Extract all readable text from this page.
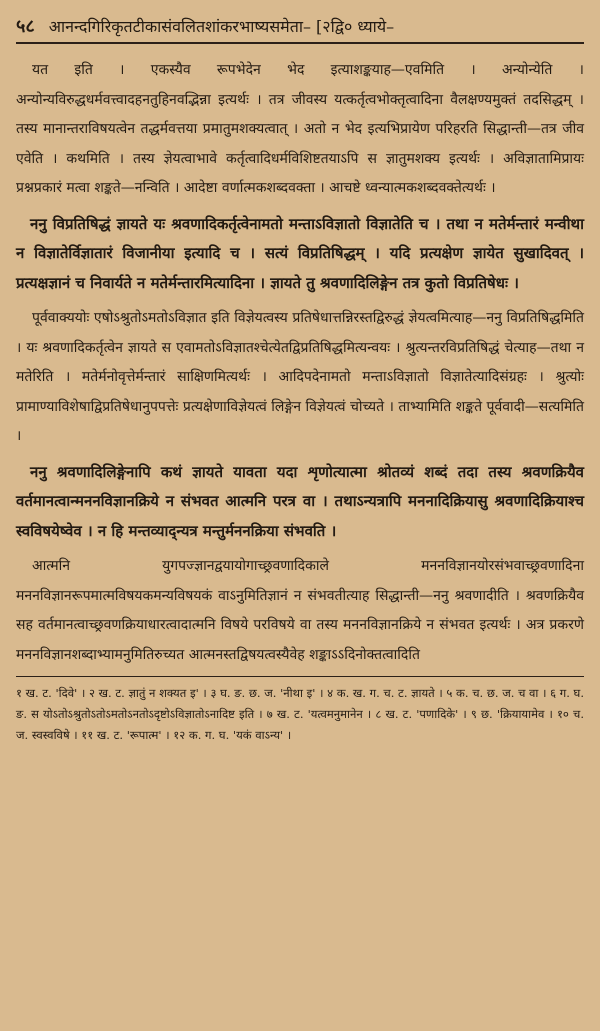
५८ आनन्दगिरिकृतटीकासंवलितशांकरभाष्यसमेता– [२द्वि० ध्याये–

यत इति । एकस्यैव रूपभेदेन भेद इत्याशङ्कयाह—एवमिति । अन्योन्येति । अन्योन्यविरुद्धधर्मवत्त्वादहनतुहिनवद्भिन्ना इत्यर्थः । तत्र जीवस्य यत्कर्तृत्वभोक्तृत्वादिना वैलक्षण्यमुक्तं तदसिद्धम् । तस्य मानान्तराविषयत्वेन तद्धर्मवत्तया प्रमातुमशक्यत्वात् । अतो न भेद इत्यभिप्रायेण परिहरति सिद्धान्ती—तत्र जीव एवेति । कथमिति । तस्य ज्ञेयत्वाभावे कर्तृत्वादिधर्मविशिष्टतयाऽपि स ज्ञातुमशक्य इत्यर्थः । अविज्ञातामिप्रायः प्रश्नप्रकारं मत्वा शङ्कते—नन्विति । आदेष्टा वर्णात्मकशब्दवक्ता । आचष्टे ध्वन्यात्मकशब्दवक्तेत्यर्थः ।

ननु विप्रतिषिद्धं ज्ञायते यः श्रवणादिकर्तृत्वेनामतो मन्ताऽविज्ञातो विज्ञातेति च । तथा न मतेर्मन्तारं मन्वीथा न विज्ञातेर्विज्ञातारं विजानीया इत्यादि च । सत्यं विप्रतिषिद्धम् । यदि प्रत्यक्षेण ज्ञायेत सुखादिवत् । प्रत्यक्षज्ञानं च निवार्यते न मतेर्मन्तारमित्यादिना । ज्ञायते तु श्रवणादिलिङ्गेन तत्र कुतो विप्रतिषेधः ।

पूर्ववाक्ययोः एषोऽश्रुतोऽमतोऽविज्ञात इति विज्ञेयत्वस्य प्रतिषेधात्तन्निरस्तद्विरुद्धं ज्ञेयत्वमित्याह—ननु विप्रतिषिद्धमिति । यः श्रवणादिकर्तृत्वेन ज्ञायते स एवामतोऽविज्ञातश्चेत्येतद्विप्रतिषिद्धमित्यन्वयः । श्रुत्यन्तरविप्रतिषिद्धं चेत्याह—तथा न मतेरिति । मतेर्मनोवृत्तेर्मन्तारं साक्षिणमित्यर्थः । आदिपदेनामतो मन्ताऽविज्ञातो विज्ञातेत्यादिसंग्रहः । श्रुत्योः प्रामाण्याविशेषाद्विप्रतिषेधानुपपत्तेः प्रत्यक्षेणाविज्ञेयत्वं लिङ्गेन विज्ञेयत्वं चोच्यते । ताभ्यामिति शङ्कते पूर्ववादी—सत्यमिति ।

ननु श्रवणादिलिङ्गेनापि कथं ज्ञायते यावता यदा शृणोत्यात्मा श्रोतव्यं शब्दं तदा तस्य श्रवणक्रियैव वर्तमानत्वान्मननविज्ञानक्रिये न संभवत आत्मनि परत्र वा । तथाऽन्यत्रापि मननादिक्रियासु श्रवणादिक्रियाश्च स्वविषयेष्वेव । न हि मन्तव्याद्न्यत्र मन्तुर्मननक्रिया संभवति ।

आत्मनि युगपज्ज्ञानद्वयायोगाच्छ्रवणादिकाले मननविज्ञानयोरसंभवाच्छ्रवणादिना मननविज्ञानरूपमात्मविषयकमन्यविषयकं वाऽनुमितिज्ञानं न संभवतीत्याह सिद्धान्ती—ननु श्रवणादीति । श्रवणक्रियैव सह वर्तमानत्वाच्छ्रवणक्रियाधारत्वादात्मनि विषये परविषये वा तस्य मननविज्ञानक्रिये न संभवत इत्यर्थः । अत्र प्रकरणे मननविज्ञानशब्दाभ्यामनुमितिरुच्यत आत्मनस्तद्विषयत्वस्यैवेह शङ्काऽऽदिनोक्तत्वादिति

१ ख. ट. 'दिवे' । २ ख. ट. ज्ञातुं न शक्यत इ' । ३ घ. ङ. छ. ज. 'नीथा इ' । ४ क. ख. ग. च. ट. ज्ञायते । ५ क. च. छ. ज. च वा । ६ ग. घ. ङ. स योऽतोऽश्रुतोऽतोऽमतोऽनतोऽदृष्टोऽविज्ञातोऽनादिष्ट इति । ७ ख. ट. 'यत्वमनुमानेन । ८ ख. ट. 'पणादिके' । ९ छ. 'क्रियायामेव । १० च. ज. स्वस्वविषे । ११ ख. ट. 'रूपात्म' । १२ क. ग. घ. 'यकं वाऽन्य' ।
